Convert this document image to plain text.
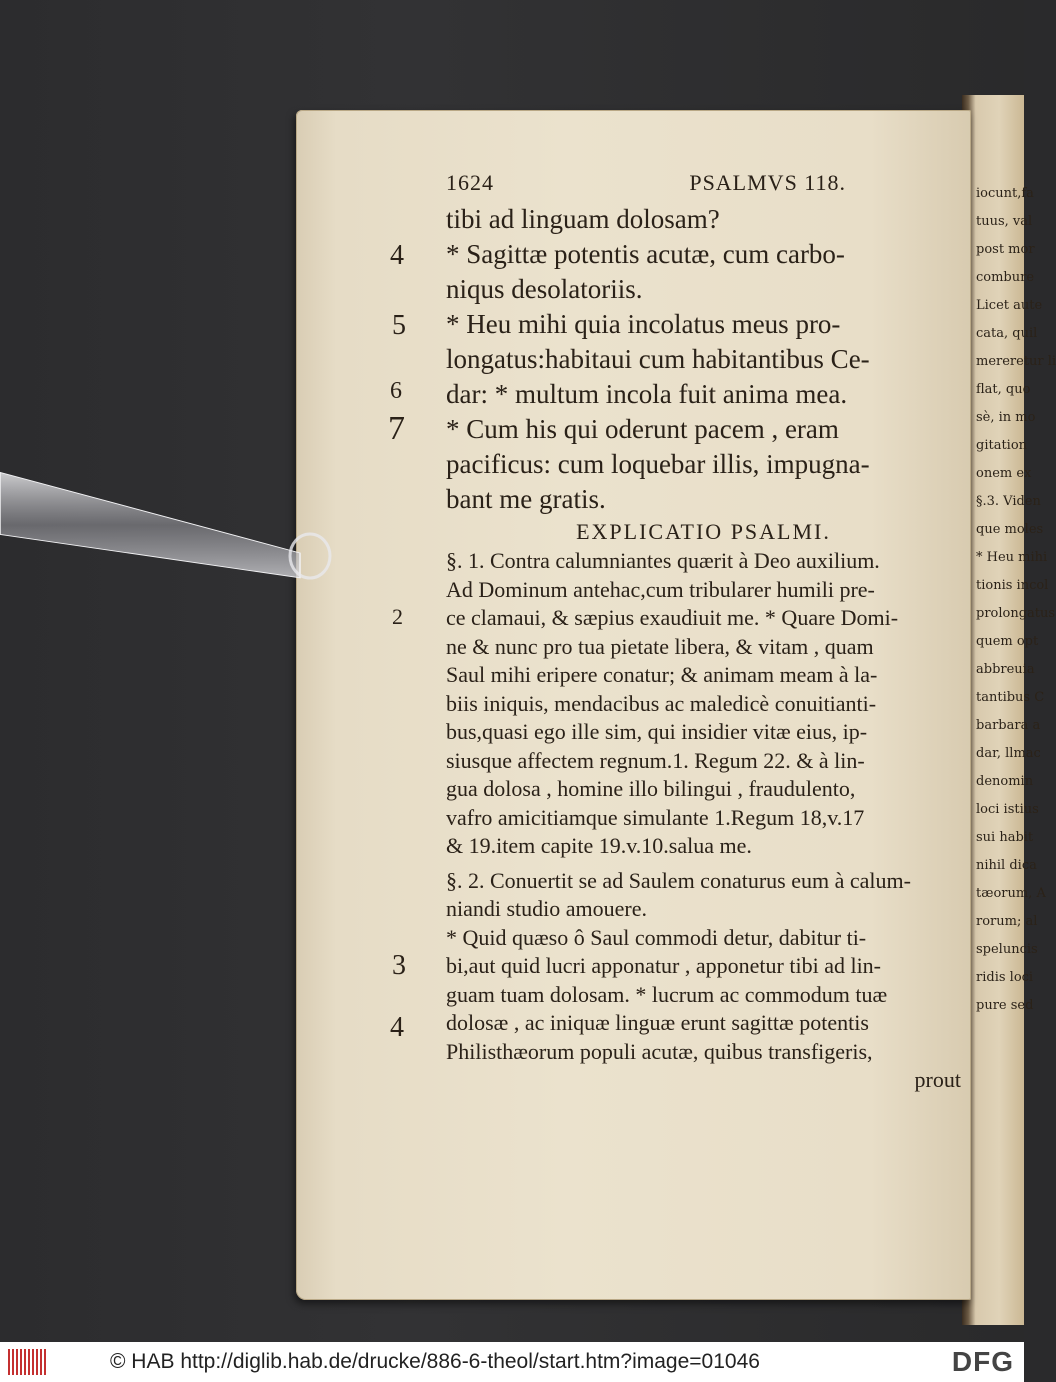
iocunt,fa
tuus, val
post mor
combure
Licet aute
cata, quil
mereretur li
flat, quo
sè, in mo
gitation
onem ex
§.3. Viden
que moles
* Heu mihi
tionis incol
prolongatus
quem opt
abbreuia
tantibus C
barbara a
dar, llmac
denomin
loci istius
sui habit
nihil dica
tæorum, A
rorum; al
speluncis
ridis loci
pure sed
1624	PSALMVS 118.
tibi ad linguam dolosam?
* Sagittæ potentis acutæ, cum carbo-
niqus desolatoriis.
* Heu mihi quia incolatus meus pro-
longatus:habitaui cum habitantibus Ce-
dar: * multum incola fuit anima mea.
* Cum his qui oderunt pacem , eram
pacificus: cum loquebar illis, impugna-
bant me gratis.
EXPLICATIO PSALMI.
§. 1. Contra calumniantes quærit à Deo auxilium.
Ad Dominum antehac,cum tribularer humili pre-
ce clamaui, & sæpius exaudiuit me. * Quare Domi-
ne & nunc pro tua pietate libera, & vitam , quam
Saul mihi eripere conatur; & animam meam à la-
biis iniquis, mendacibus ac maledicè conuitianti-
bus,quasi ego ille sim, qui insidier vitæ eius, ip-
siusque affectem regnum.1. Regum 22. & à lin-
gua dolosa , homine illo bilingui , fraudulento,
vafro amicitiamque simulante 1.Regum 18,v.17
& 19.item capite 19.v.10.salua me.
§. 2. Conuertit se ad Saulem conaturus eum à calum-
niandi studio amouere.
* Quid quæso ô Saul commodi detur, dabitur ti-
bi,aut quid lucri apponatur , apponetur tibi ad lin-
guam tuam dolosam. * lucrum ac commodum tuæ
dolosæ , ac iniquæ linguæ erunt sagittæ potentis
Philisthæorum populi acutæ, quibus transfigeris,
prout
4
5
6
7
2
3
4
© HAB http://diglib.hab.de/drucke/886-6-theol/start.htm?image=01046	DFG
